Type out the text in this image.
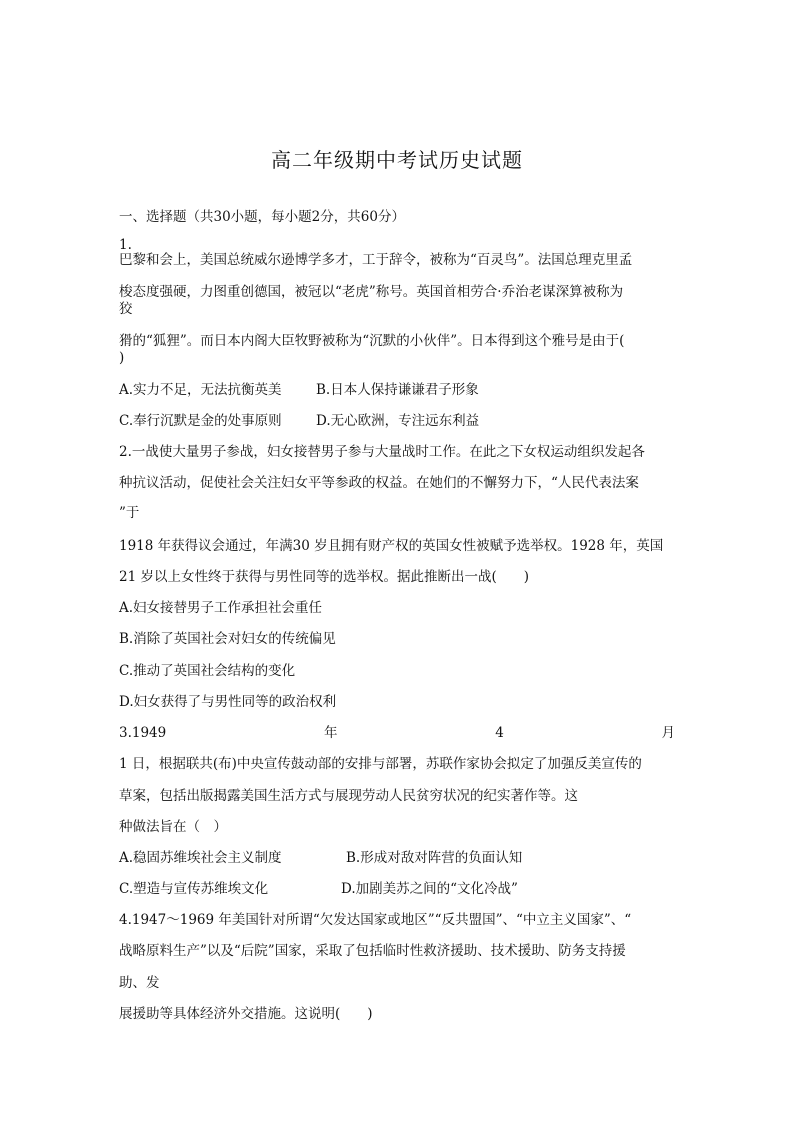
高二年级期中考试历史试题
一、选择题（共30小题，每小题2分，共60分）
1.
巴黎和会上，美国总统威尔逊博学多才，工于辞令，被称为“百灵鸟”。法国总理克里孟
梭态度强硬，力图重创德国，被冠以“老虎”称号。英国首相劳合·乔治老谋深算被称为
狡
猾的“狐狸”。而日本内阁大臣牧野被称为“沉默的小伙伴”。日本得到这个雅号是由于(
)
A.实力不足，无法抗衡英美	B.日本人保持谦谦君子形象
C.奉行沉默是金的处事原则	D.无心欧洲，专注远东利益
2.一战使大量男子参战，妇女接替男子参与大量战时工作。在此之下女权运动组织发起各
种抗议活动，促使社会关注妇女平等参政的权益。在她们的不懈努力下，“人民代表法案
”于
1918 年获得议会通过，年满30 岁且拥有财产权的英国女性被赋予选举权。1928 年，英国
21 岁以上女性终于获得与男性同等的选举权。据此推断出一战(　　)
A.妇女接替男子工作承担社会重任
B.消除了英国社会对妇女的传统偏见
C.推动了英国社会结构的变化
D.妇女获得了与男性同等的政治权利
3.1949	年	4	月
1 日，根据联共(布)中央宣传鼓动部的安排与部署，苏联作家协会拟定了加强反美宣传的
草案，包括出版揭露美国生活方式与展现劳动人民贫穷状况的纪实著作等。这
种做法旨在（　）
A.稳固苏维埃社会主义制度	B.形成对敌对阵营的负面认知
C.塑造与宣传苏维埃文化	D.加剧美苏之间的“文化冷战”
4.1947～1969 年美国针对所谓“欠发达国家或地区”“反共盟国”、“中立主义国家”、“
战略原料生产”以及“后院”国家，采取了包括临时性救济援助、技术援助、防务支持援
助、发
展援助等具体经济外交措施。这说明(　　)
